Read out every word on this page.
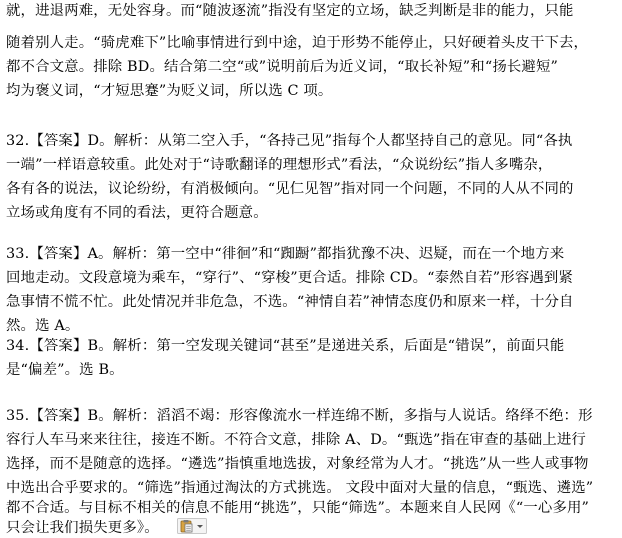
就，进退两难，无处容身。而“随波逐流”指没有坚定的立场，缺乏判断是非的能力，只能
随着别人走。“骑虎难下”比喻事情进行到中途，迫于形势不能停止，只好硬着头皮干下去，
都不合文意。排除 BD。结合第二空“或”说明前后为近义词，“取长补短”和“扬长避短”
均为褒义词，“才短思蹇”为贬义词，所以选 C 项。
32.【答案】D。解析：从第二空入手，“各持己见”指每个人都坚持自己的意见。同“各执
一端”一样语意较重。此处对于“诗歌翻译的理想形式”看法，“众说纷纭”指人多嘴杂，
各有各的说法，议论纷纷，有消极倾向。“见仁见智”指对同一个问题，不同的人从不同的
立场或角度有不同的看法，更符合题意。
33.【答案】A。解析：第一空中“徘徊”和“踟蹰”都指犹豫不决、迟疑，而在一个地方来
回地走动。文段意境为乘车，“穿行”、“穿梭”更合适。排除 CD。“泰然自若”形容遇到紧
急事情不慌不忙。此处情况并非危急，不选。“神情自若”神情态度仍和原来一样，十分自
然。选 A。
34.【答案】B。解析：第一空发现关键词“甚至”是递进关系，后面是“错误”，前面只能
是“偏差”。选 B。
35.【答案】B。解析：滔滔不竭：形容像流水一样连绵不断，多指与人说话。络绎不绝：形
容行人车马来来往往，接连不断。不符合文意，排除 A、D。“甄选”指在审查的基础上进行
选择，而不是随意的选择。“遴选”指慎重地选拔，对象经常为人才。“挑选”从一些人或事物
中选出合乎要求的。“筛选”指通过淘汰的方式挑选。 文段中面对大量的信息，“甄选、遴选”
都不合适。与目标不相关的信息不能用“挑选”，只能“筛选”。本题来自人民网《“一心多用”
只会让我们损失更多》。
